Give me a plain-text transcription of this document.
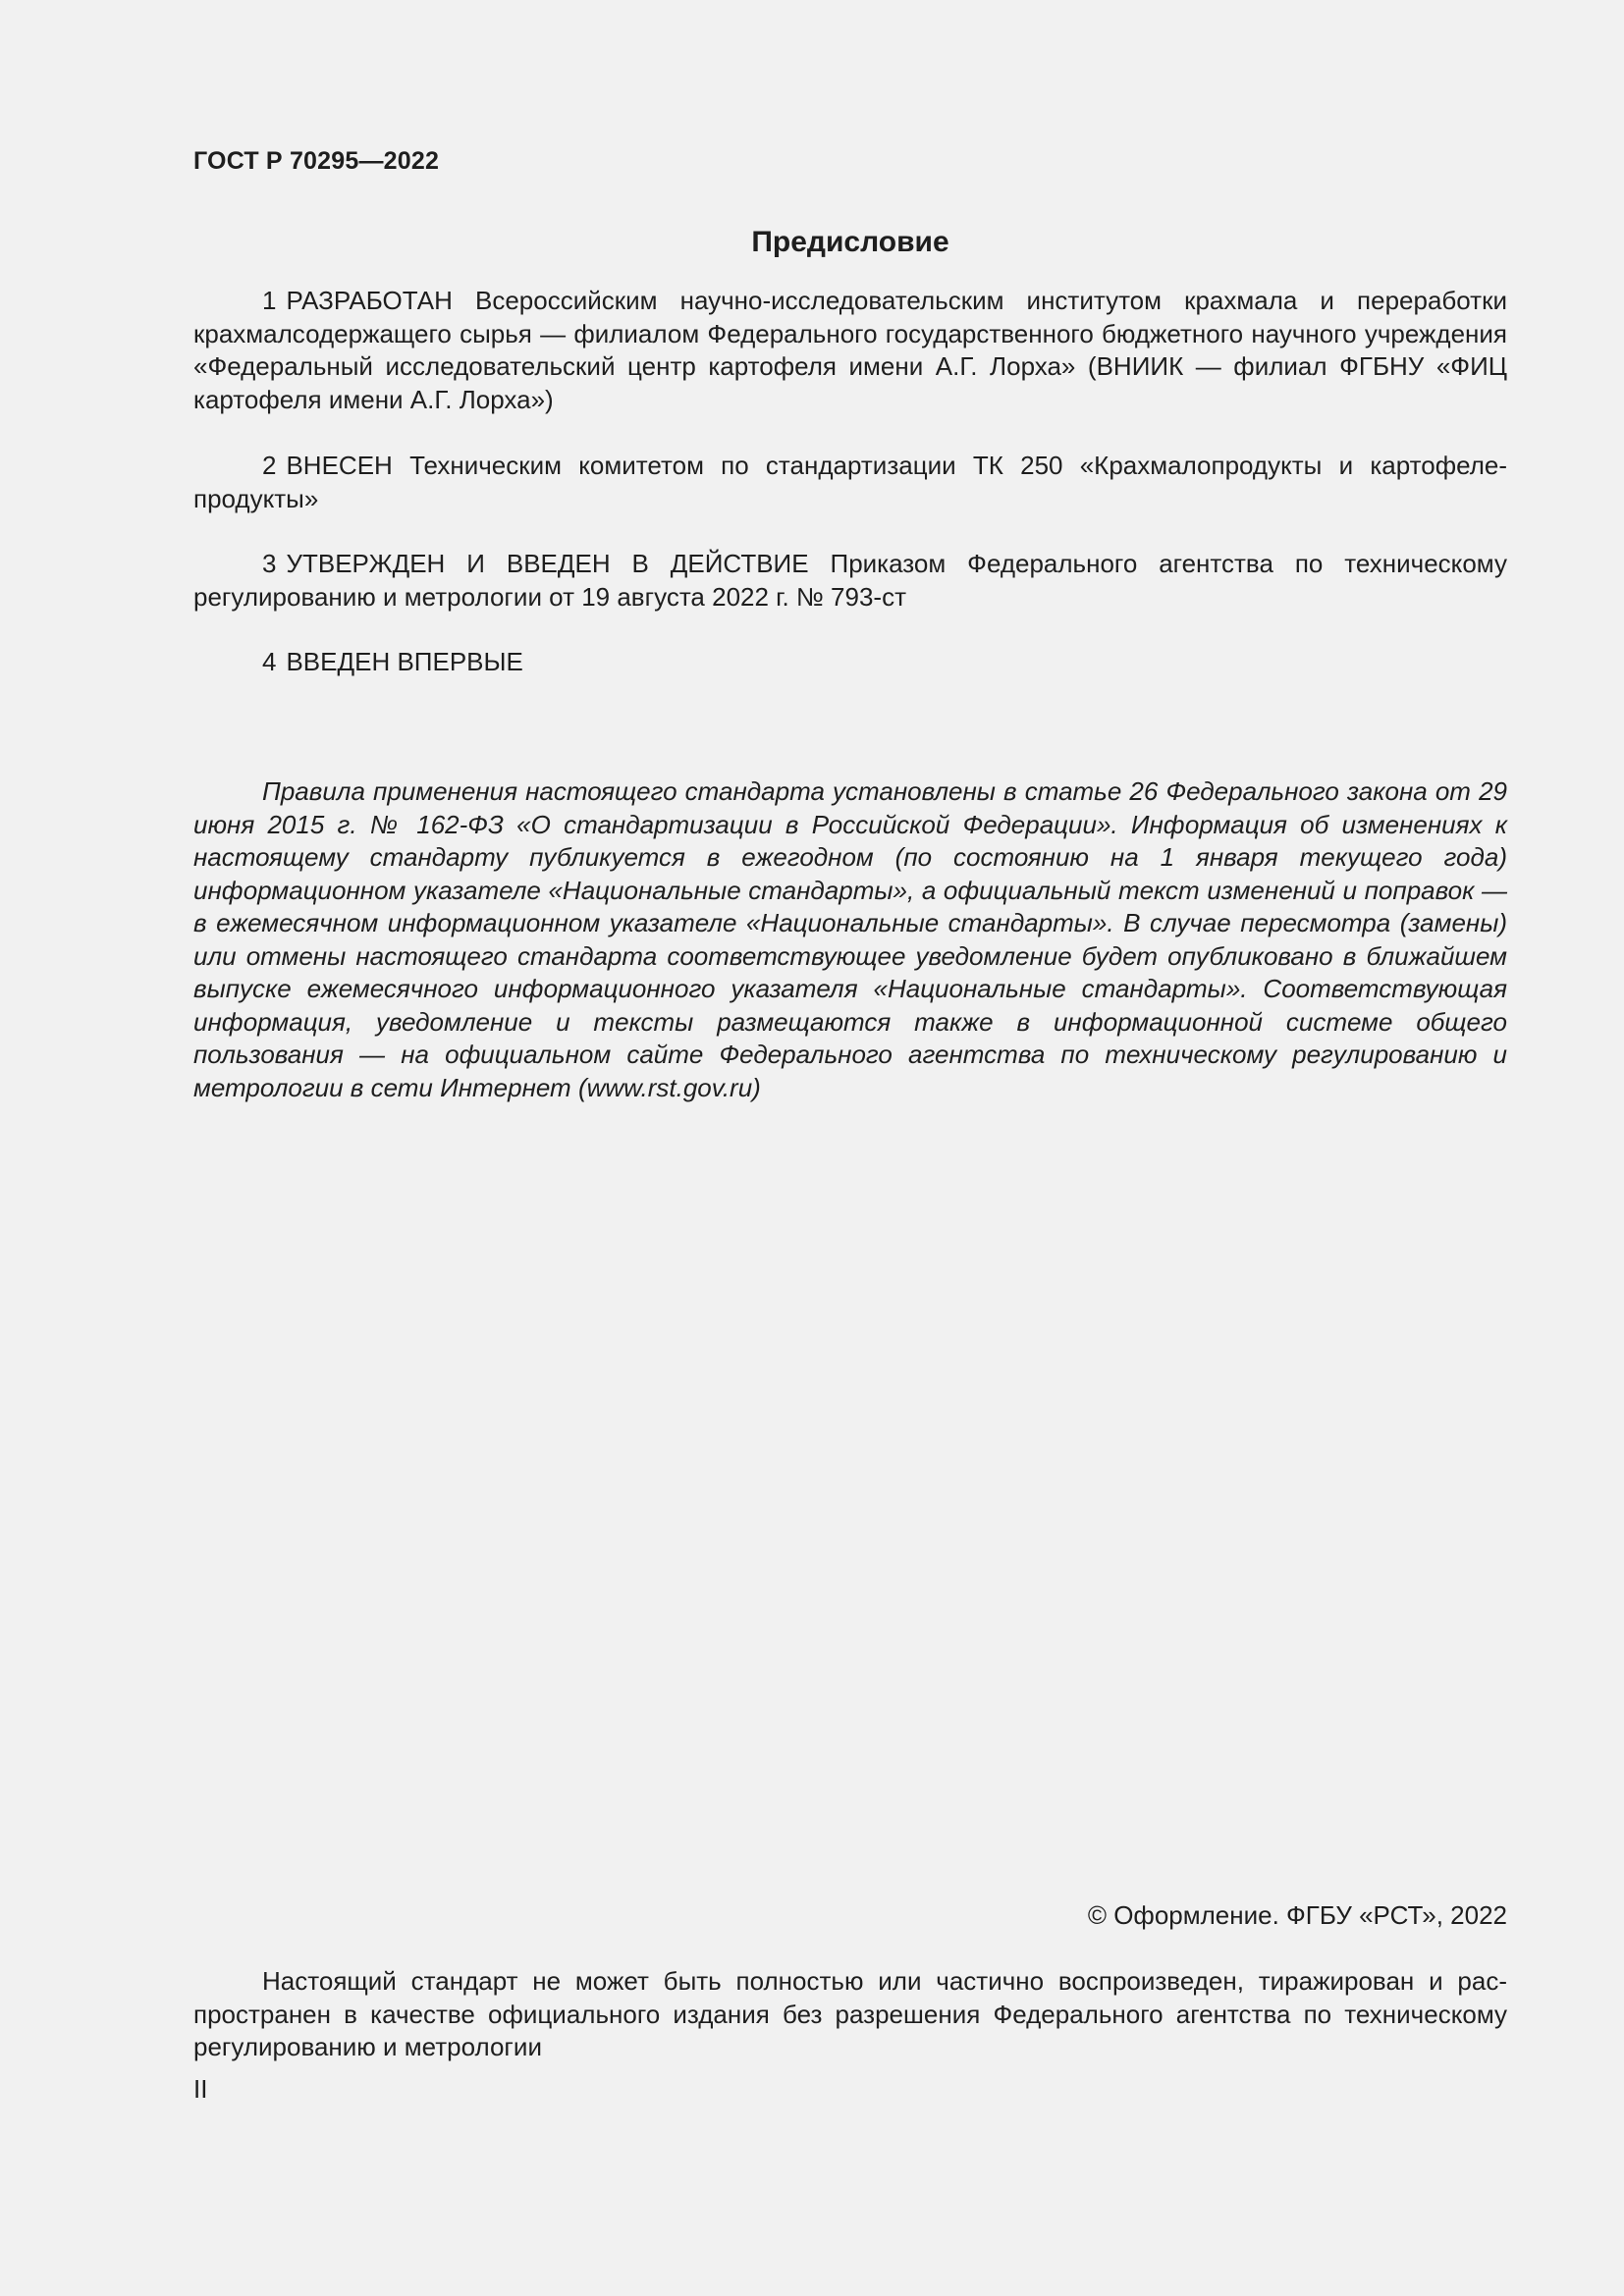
ГОСТ Р 70295—2022
Предисловие

1 РАЗРАБОТАН Всероссийским научно-исследовательским институтом крахмала и переработки крахмалсодержащего сырья — филиалом Федерального государственного бюджетного научного учреждения «Федеральный исследовательский центр картофеля имени А.Г. Лорха» (ВНИИК — филиал ФГБНУ «ФИЦ картофеля имени А.Г. Лорха»)

2 ВНЕСЕН Техническим комитетом по стандартизации ТК 250 «Крахмалопродукты и картофелепродукты»

3 УТВЕРЖДЕН И ВВЕДЕН В ДЕЙСТВИЕ Приказом Федерального агентства по техническому регулированию и метрологии от 19 августа 2022 г. № 793-ст

4 ВВЕДЕН ВПЕРВЫЕ

Правила применения настоящего стандарта установлены в статье 26 Федерального закона от 29 июня 2015 г. № 162-ФЗ «О стандартизации в Российской Федерации». Информация об изменениях к настоящему стандарту публикуется в ежегодном (по состоянию на 1 января текущего года) информационном указателе «Национальные стандарты», а официальный текст изменений и поправок — в ежемесячном информационном указателе «Национальные стандарты». В случае пересмотра (замены) или отмены настоящего стандарта соответствующее уведомление будет опубликовано в ближайшем выпуске ежемесячного информационного указателя «Национальные стандарты». Соответствующая информация, уведомление и тексты размещаются также в информационной системе общего пользования — на официальном сайте Федерального агентства по техническому регулированию и метрологии в сети Интернет (www.rst.gov.ru)

© Оформление. ФГБУ «РСТ», 2022

Настоящий стандарт не может быть полностью или частично воспроизведен, тиражирован и распространен в качестве официального издания без разрешения Федерального агентства по техническому регулированию и метрологии

II
